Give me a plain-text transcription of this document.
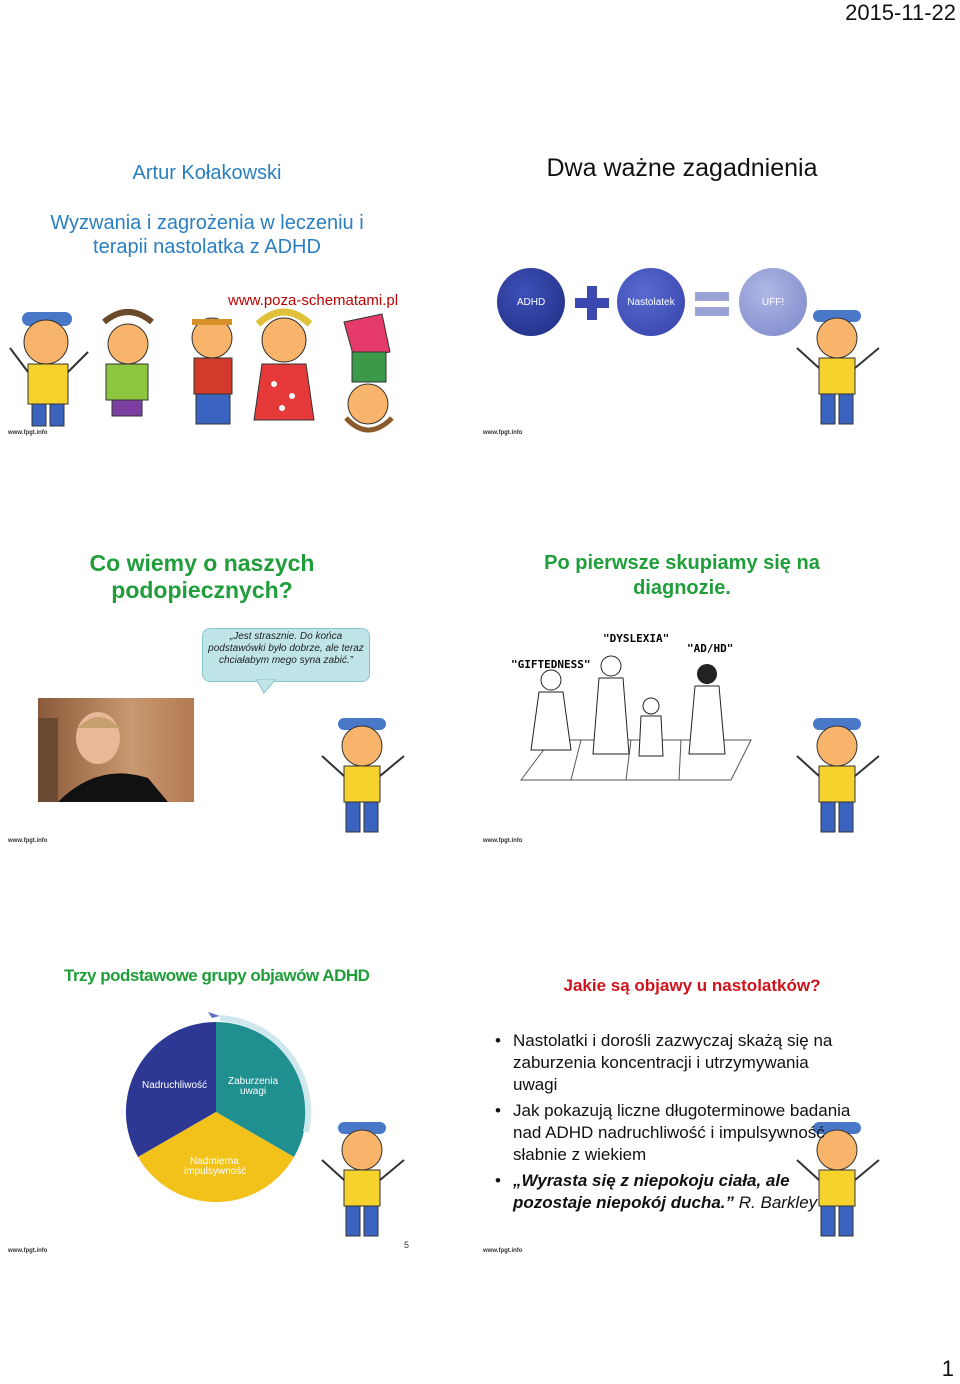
2015-11-22
Artur Kołakowski
Wyzwania i zagrożenia w leczeniu i
terapii nastolatka z ADHD
www.poza-schematami.pl
www.fpgt.info
Dwa ważne zagadnienia
ADHD	Nastolatek	UFF!
www.fpgt.info
Co wiemy o naszych
podopiecznych?
„Jest strasznie. Do końca podstawówki było dobrze, ale teraz chciałabym mego syna zabić.”
www.fpgt.info
Po pierwsze skupiamy się na
diagnozie.
"GIFTEDNESS"
"DYSLEXIA"
"AD/HD"
www.fpgt.info
Trzy podstawowe grupy objawów ADHD
Nadruchliwość Zaburzenia
uwagi
Nadmierna
impulsywność
5
www.fpgt.info
Jakie są objawy u nastolatków?
• Nastolatki i dorośli zazwyczaj skażą się na zaburzenia koncentracji i utrzymywania uwagi
• Jak pokazują liczne długoterminowe badania nad ADHD nadruchliwość i impulsywność słabnie z wiekiem
• „Wyrasta się z niepokoju ciała, ale pozostaje niepokój ducha.” R. Barkley
www.fpgt.info
1
